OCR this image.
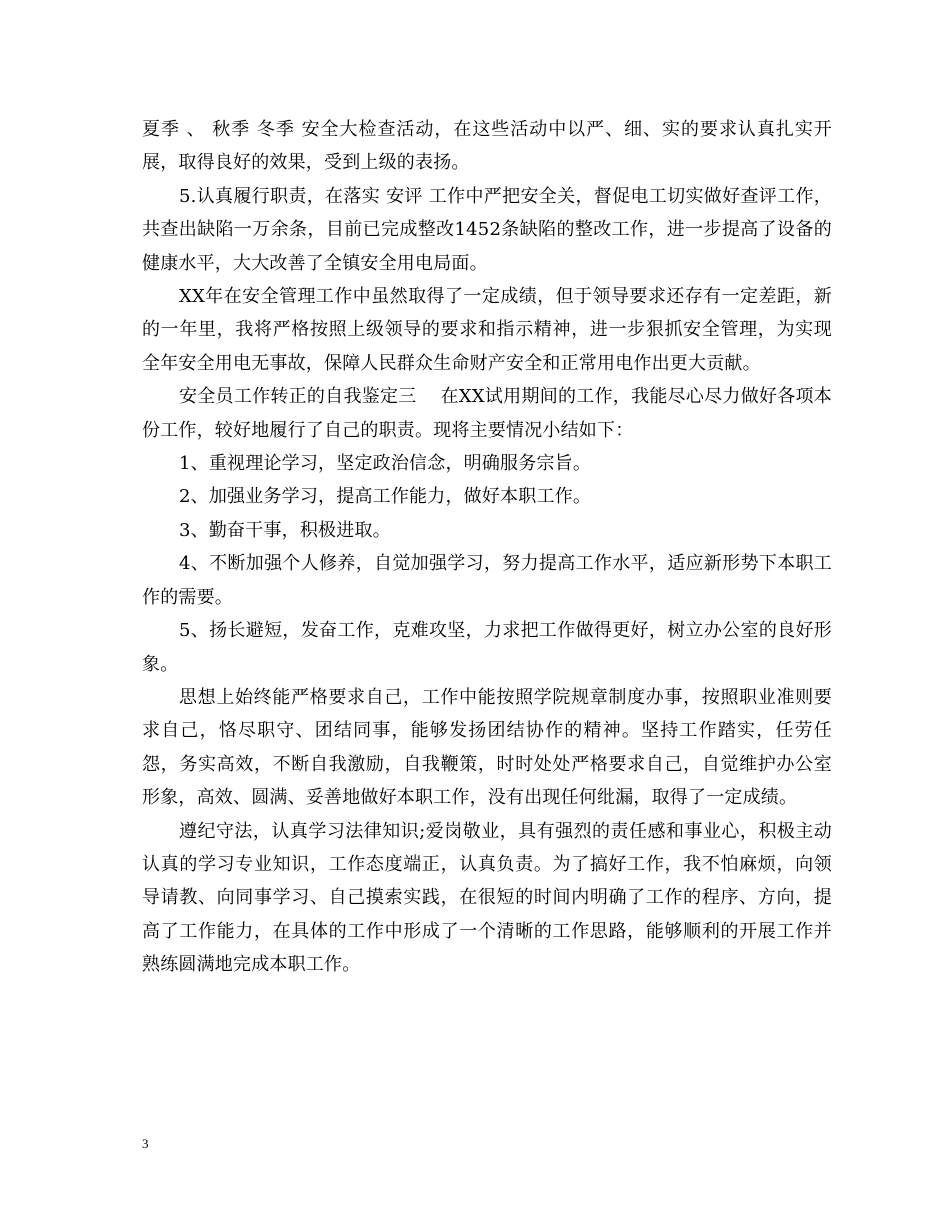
夏季 、 秋季 冬季 安全大检查活动，在这些活动中以严、细、实的要求认真扎实开展，取得良好的效果，受到上级的表扬。

5.认真履行职责，在落实 安评 工作中严把安全关，督促电工切实做好查评工作，共查出缺陷一万余条，目前已完成整改1452条缺陷的整改工作，进一步提高了设备的健康水平，大大改善了全镇安全用电局面。

XX年在安全管理工作中虽然取得了一定成绩，但于领导要求还存有一定差距，新的一年里，我将严格按照上级领导的要求和指示精神，进一步狠抓安全管理，为实现全年安全用电无事故，保障人民群众生命财产安全和正常用电作出更大贡献。

安全员工作转正的自我鉴定三    在XX试用期间的工作，我能尽心尽力做好各项本份工作，较好地履行了自己的职责。现将主要情况小结如下：

1、重视理论学习，坚定政治信念，明确服务宗旨。

2、加强业务学习，提高工作能力，做好本职工作。

3、勤奋干事，积极进取。

4、不断加强个人修养，自觉加强学习，努力提高工作水平，适应新形势下本职工作的需要。

5、扬长避短，发奋工作，克难攻坚，力求把工作做得更好，树立办公室的良好形象。

思想上始终能严格要求自己，工作中能按照学院规章制度办事，按照职业准则要求自己，恪尽职守、团结同事，能够发扬团结协作的精神。坚持工作踏实，任劳任怨，务实高效，不断自我激励，自我鞭策，时时处处严格要求自己，自觉维护办公室形象，高效、圆满、妥善地做好本职工作，没有出现任何纰漏，取得了一定成绩。

遵纪守法，认真学习法律知识;爱岗敬业，具有强烈的责任感和事业心，积极主动认真的学习专业知识，工作态度端正，认真负责。为了搞好工作，我不怕麻烦，向领导请教、向同事学习、自己摸索实践，在很短的时间内明确了工作的程序、方向，提高了工作能力，在具体的工作中形成了一个清晰的工作思路，能够顺利的开展工作并熟练圆满地完成本职工作。

3
